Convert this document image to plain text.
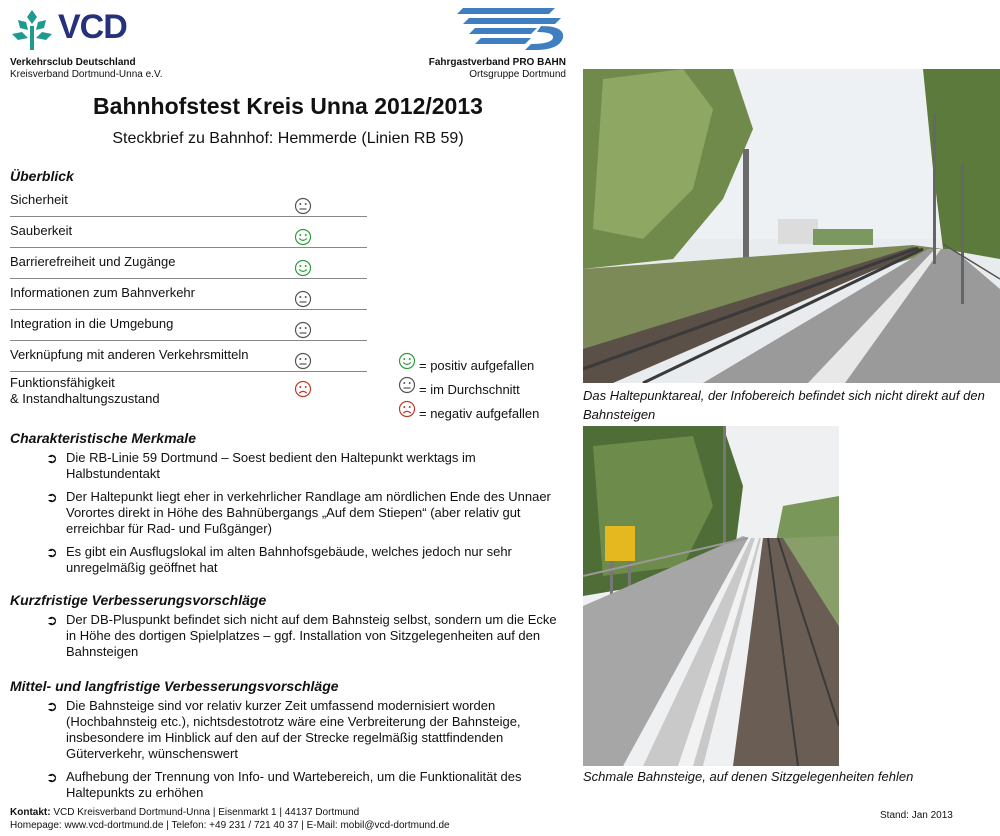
VCD
Verkehrsclub Deutschland
Kreisverband Dortmund-Unna e.V.
Fahrgastverband PRO BAHN
Ortsgruppe Dortmund
Bahnhofstest Kreis Unna 2012/2013
Steckbrief zu Bahnhof: Hemmerde (Linien RB 59)
Überblick
Sicherheit
Sauberkeit
Barrierefreiheit und Zugänge
Informationen zum Bahnverkehr
Integration in die Umgebung
Verknüpfung mit anderen Verkehrsmitteln
Funktionsfähigkeit
& Instandhaltungszustand
= positiv aufgefallen
= im Durchschnitt
= negativ aufgefallen
Charakteristische Merkmale
➲ Die RB-Linie 59 Dortmund – Soest bedient den Haltepunkt werktags im Halbstundentakt
➲ Der Haltepunkt liegt eher in verkehrlicher Randlage am nördlichen Ende des Unnaer Vorortes direkt in Höhe des Bahnübergangs „Auf dem Stiepen“ (aber relativ gut erreichbar für Rad- und Fußgänger)
➲ Es gibt ein Ausflugslokal im alten Bahnhofsgebäude, welches jedoch nur sehr unregelmäßig geöffnet hat
Kurzfristige Verbesserungsvorschläge
➲ Der DB-Pluspunkt befindet sich nicht auf dem Bahnsteig selbst, sondern um die Ecke in Höhe des dortigen Spielplatzes – ggf. Installation von Sitzgelegenheiten auf den Bahnsteigen
Mittel- und langfristige Verbesserungsvorschläge
➲ Die Bahnsteige sind vor relativ kurzer Zeit umfassend modernisiert worden (Hochbahnsteig etc.), nichtsdestotrotz wäre eine Verbreiterung der Bahnsteige, insbesondere im Hinblick auf den auf der Strecke regelmäßig stattfindenden Güterverkehr, wünschenswert
➲ Aufhebung der Trennung von Info- und Wartebereich, um die Funktionalität des Haltepunkts zu erhöhen
Das Haltepunktareal, der Infobereich befindet sich nicht direkt auf den Bahnsteigen
Schmale Bahnsteige, auf denen Sitzgelegenheiten fehlen
Kontakt: VCD Kreisverband Dortmund-Unna | Eisenmarkt 1 | 44137 Dortmund
Homepage: www.vcd-dortmund.de | Telefon: +49 231 / 721 40 37 | E-Mail: mobil@vcd-dortmund.de
Stand: Jan 2013
